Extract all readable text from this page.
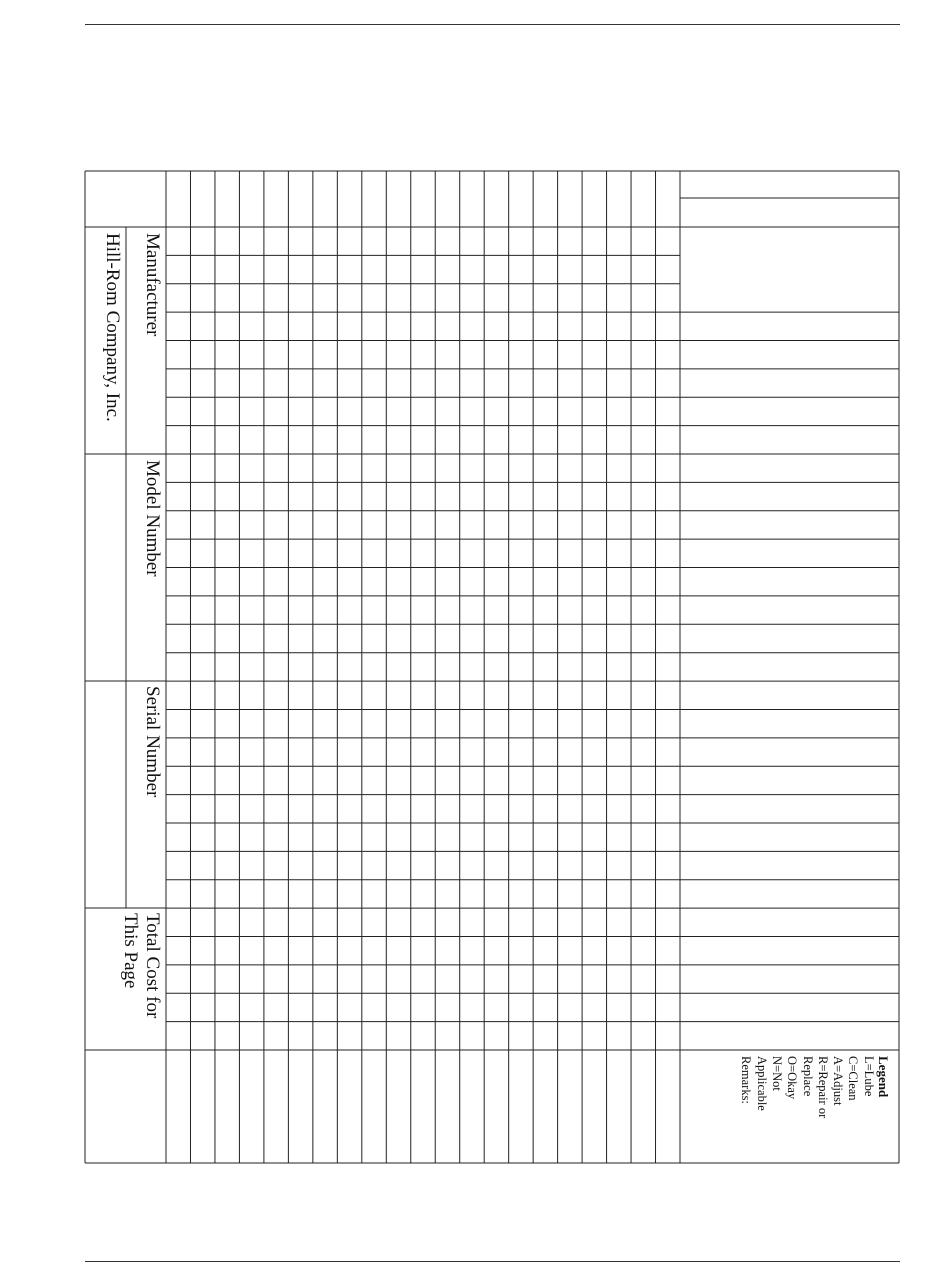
Manufacturer
Hill-Rom Company, Inc.
Model Number
Serial Number
Total Cost for
This Page
Legend
L=Lube
C=Clean
A=Adjust
R=Repair or
Replace
O=Okay
N=Not
Applicable
Remarks:
